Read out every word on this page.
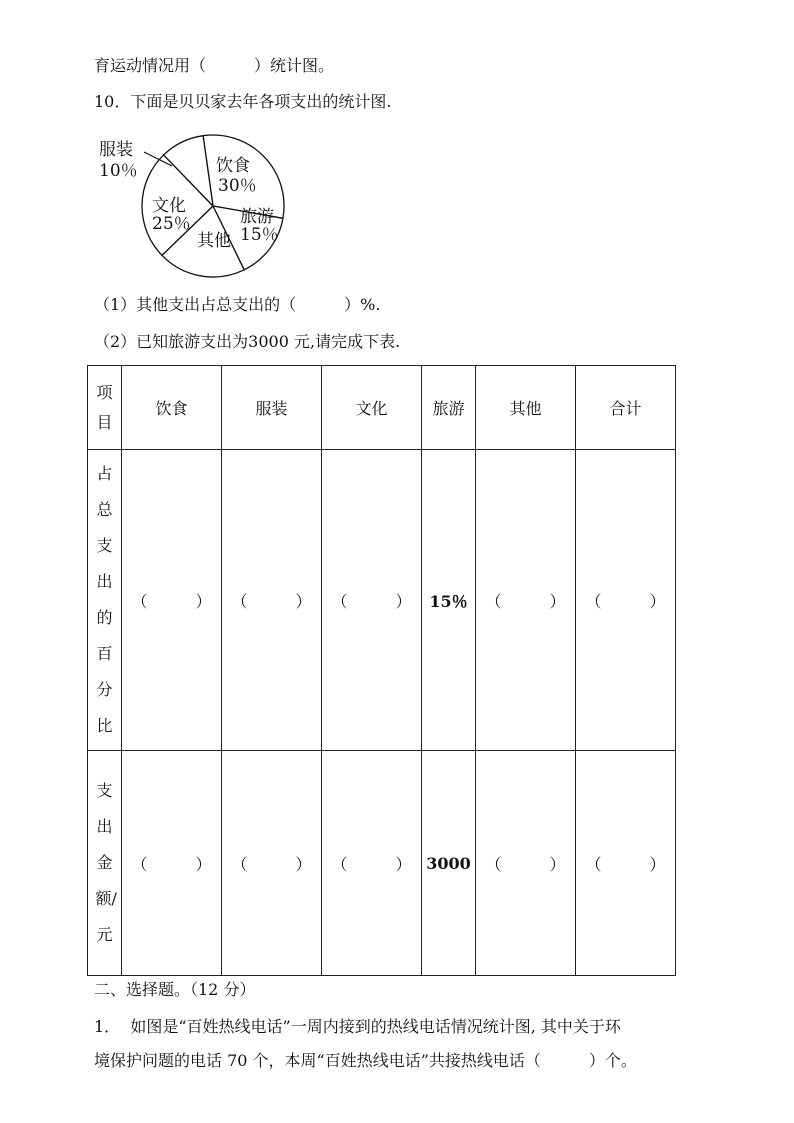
育运动情况用（　　　）统计图。
10．下面是贝贝家去年各项支出的统计图.
饮食
30％
旅游
15％
其他
文化
25％
服装
10％
（1）其他支出占总支出的（　　　）%.
（2）已知旅游支出为3000 元,请完成下表.
项目	饮食	服装	文化	旅游	其他	合计
占总支出的百分比	（　　　）	（　　　）	（　　　）	15％	（　　　）	（　　　）
支出金额/元	（　　　）	（　　　）	（　　　）	3000	（　　　）	（　　　）
二、选择题。（12 分）
1．  如图是“百姓热线电话”一周内接到的热线电话情况统计图, 其中关于环
境保护问题的电话 70 个，本周“百姓热线电话”共接热线电话（　　　）个。
